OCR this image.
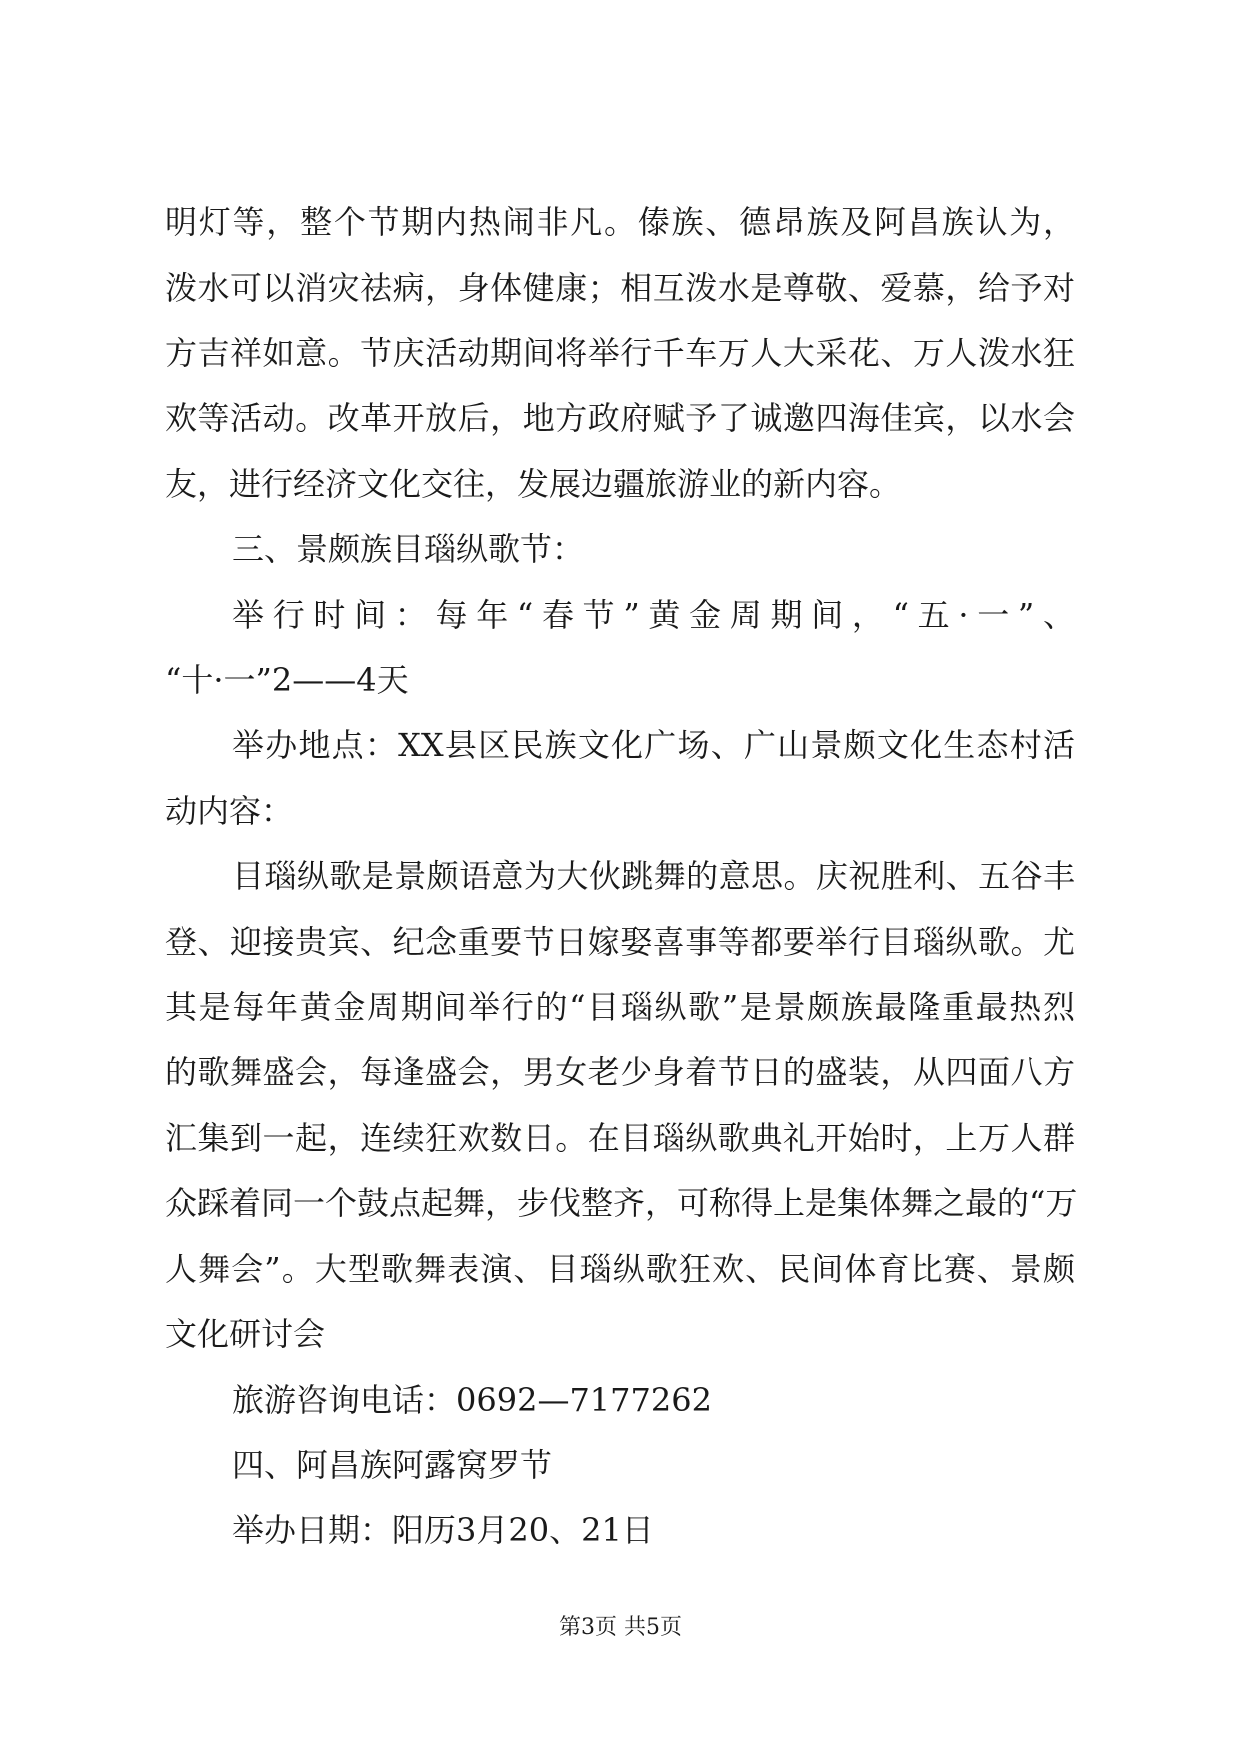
明灯等，整个节期内热闹非凡。傣族、德昂族及阿昌族认为，
泼水可以消灾祛病，身体健康；相互泼水是尊敬、爱慕，给予对
方吉祥如意。节庆活动期间将举行千车万人大采花、万人泼水狂
欢等活动。改革开放后，地方政府赋予了诚邀四海佳宾，以水会
友，进行经济文化交往，发展边疆旅游业的新内容。
三、景颇族目瑙纵歌节：
举行时间：每年“春节”黄金周期间，“五·一”、
“十·一”2——4天
举办地点：XX县区民族文化广场、广山景颇文化生态村活
动内容：
目瑙纵歌是景颇语意为大伙跳舞的意思。庆祝胜利、五谷丰
登、迎接贵宾、纪念重要节日嫁娶喜事等都要举行目瑙纵歌。尤
其是每年黄金周期间举行的“目瑙纵歌”是景颇族最隆重最热烈
的歌舞盛会，每逢盛会，男女老少身着节日的盛装，从四面八方
汇集到一起，连续狂欢数日。在目瑙纵歌典礼开始时，上万人群
众踩着同一个鼓点起舞，步伐整齐，可称得上是集体舞之最的“万
人舞会”。大型歌舞表演、目瑙纵歌狂欢、民间体育比赛、景颇
文化研讨会
旅游咨询电话：0692—7177262
四、阿昌族阿露窝罗节
举办日期：阳历3月20、21日
第3页 共5页
